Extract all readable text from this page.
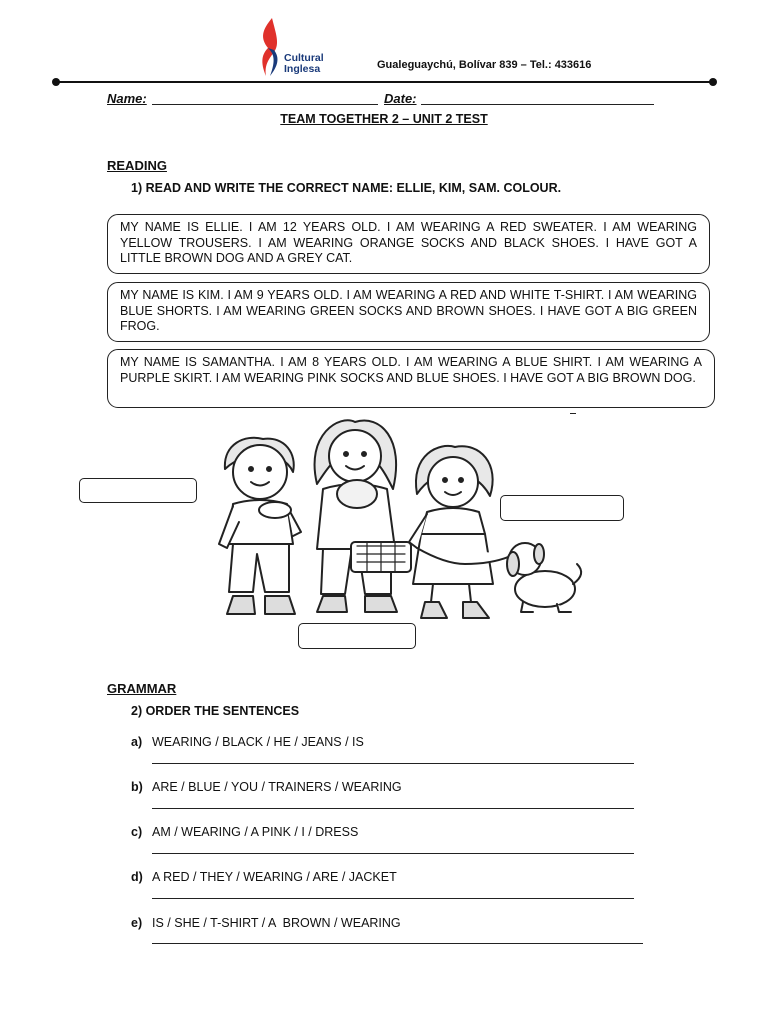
Cultural
Inglesa	Gualeguaychú, Bolívar 839 – Tel.: 433616
Name:	Date:
TEAM TOGETHER 2 – UNIT 2 TEST
READING
1) READ AND WRITE THE CORRECT NAME: ELLIE, KIM, SAM. COLOUR.
MY NAME IS ELLIE. I AM 12 YEARS OLD. I AM WEARING A RED SWEATER. I AM WEARING YELLOW TROUSERS. I AM WEARING ORANGE SOCKS AND BLACK SHOES. I HAVE GOT A LITTLE BROWN DOG AND A GREY CAT.
MY NAME IS KIM. I AM 9 YEARS OLD. I AM WEARING A RED AND WHITE T-SHIRT. I AM WEARING BLUE SHORTS. I AM WEARING GREEN SOCKS AND BROWN SHOES. I HAVE GOT A BIG GREEN FROG.
MY NAME IS SAMANTHA. I AM 8 YEARS OLD. I AM WEARING A BLUE SHIRT. I AM WEARING A PURPLE SKIRT. I AM WEARING PINK SOCKS AND BLUE SHOES. I HAVE GOT A BIG BROWN DOG.
GRAMMAR
2) ORDER THE SENTENCES
a) WEARING / BLACK / HE / JEANS / IS
b) ARE / BLUE / YOU / TRAINERS / WEARING
c) AM / WEARING / A PINK / I / DRESS
d) A RED / THEY / WEARING / ARE / JACKET
e) IS / SHE / T-SHIRT / A  BROWN / WEARING
